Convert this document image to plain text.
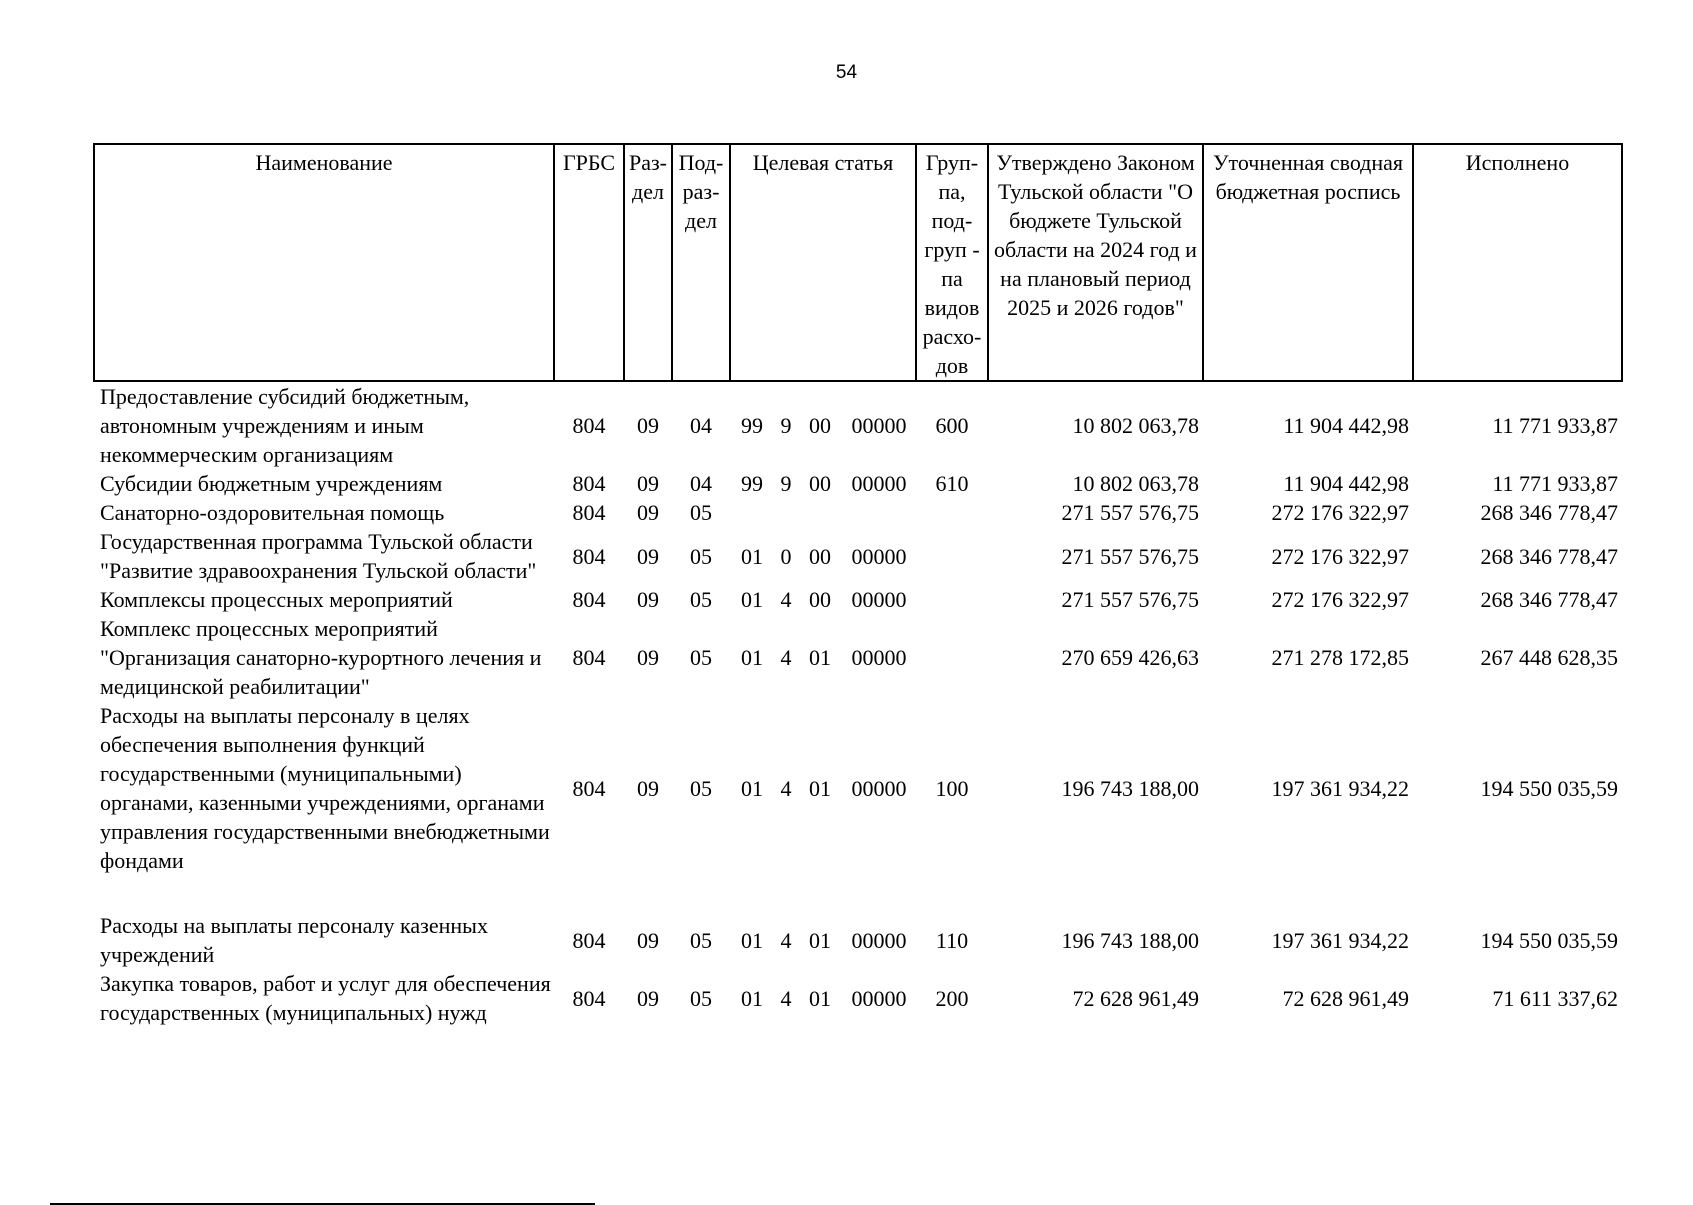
54
Наименование	ГРБС	Раз-дел	Под-раз-дел	Целевая статья				Груп-па, под-груп - па видов расхо-дов	Утверждено Законом Тульской области "О бюджете Тульской области на 2024 год и на плановый период 2025 и 2026 годов"	Уточненная сводная бюджетная роспись	Исполнено
Предоставление субсидий бюджетным, автономным учреждениям и иным некоммерческим организациям	804	09	04	99	9	00	00000	600	10 802 063,78	11 904 442,98	11 771 933,87
Субсидии бюджетным учреждениям	804	09	04	99	9	00	00000	610	10 802 063,78	11 904 442,98	11 771 933,87
Санаторно-оздоровительная помощь	804	09	05						271 557 576,75	272 176 322,97	268 346 778,47
Государственная программа Тульской области "Развитие здравоохранения Тульской области"	804	09	05	01	0	00	00000		271 557 576,75	272 176 322,97	268 346 778,47
Комплексы процессных мероприятий	804	09	05	01	4	00	00000		271 557 576,75	272 176 322,97	268 346 778,47
Комплекс процессных мероприятий "Организация санаторно-курортного лечения и медицинской реабилитации"	804	09	05	01	4	01	00000		270 659 426,63	271 278 172,85	267 448 628,35
Расходы на выплаты персоналу в целях обеспечения выполнения функций государственными (муниципальными) органами, казенными учреждениями, органами управления государственными внебюджетными фондами	804	09	05	01	4	01	00000	100	196 743 188,00	197 361 934,22	194 550 035,59

Расходы на выплаты персоналу казенных учреждений	804	09	05	01	4	01	00000	110	196 743 188,00	197 361 934,22	194 550 035,59
Закупка товаров, работ и услуг для обеспечения государственных (муниципальных) нужд	804	09	05	01	4	01	00000	200	72 628 961,49	72 628 961,49	71 611 337,62
